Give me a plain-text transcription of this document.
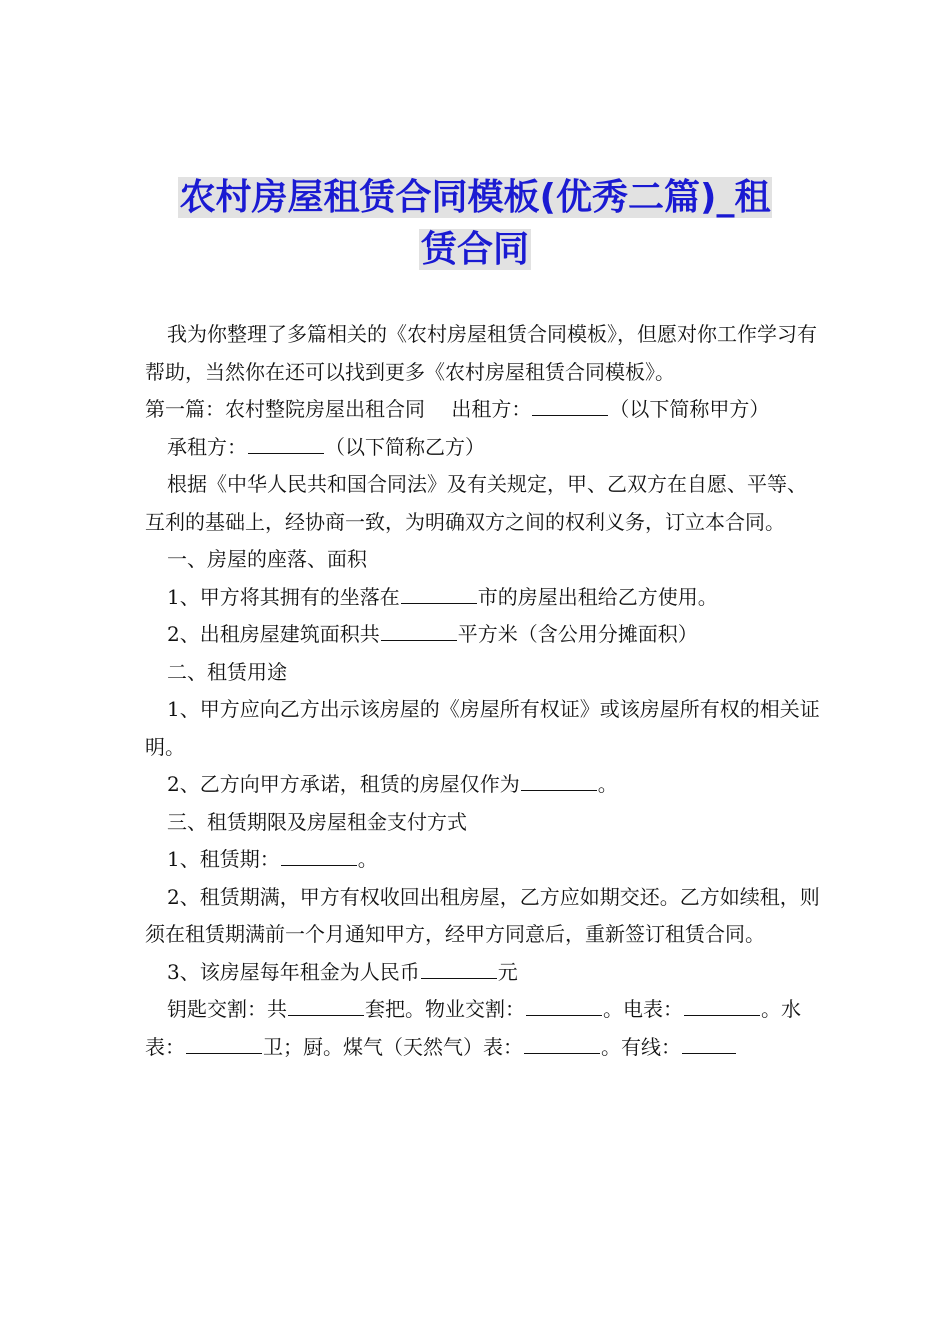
农村房屋租赁合同模板(优秀二篇)_租
赁合同

我为你整理了多篇相关的《农村房屋租赁合同模板》，但愿对你工作学习有帮助，当然你在还可以找到更多《农村房屋租赁合同模板》。

第一篇：农村整院房屋出租合同　 出租方：	（以下简称甲方）

承租方：	（以下简称乙方）

根据《中华人民共和国合同法》及有关规定，甲、乙双方在自愿、平等、互利的基础上，经协商一致，为明确双方之间的权利义务，订立本合同。

一、房屋的座落、面积

1、甲方将其拥有的坐落在	市的房屋出租给乙方使用。

2、出租房屋建筑面积共	平方米（含公用分摊面积）

二、租赁用途

1、甲方应向乙方出示该房屋的《房屋所有权证》或该房屋所有权的相关证明。

2、乙方向甲方承诺，租赁的房屋仅作为	。

三、租赁期限及房屋租金支付方式

1、租赁期：	。

2、租赁期满，甲方有权收回出租房屋，乙方应如期交还。乙方如续租，则须在租赁期满前一个月通知甲方，经甲方同意后，重新签订租赁合同。

3、该房屋每年租金为人民币	元

钥匙交割：共	套把。物业交割：	。电表：	。水表：	卫；厨。煤气（天然气）表：	。有线：
